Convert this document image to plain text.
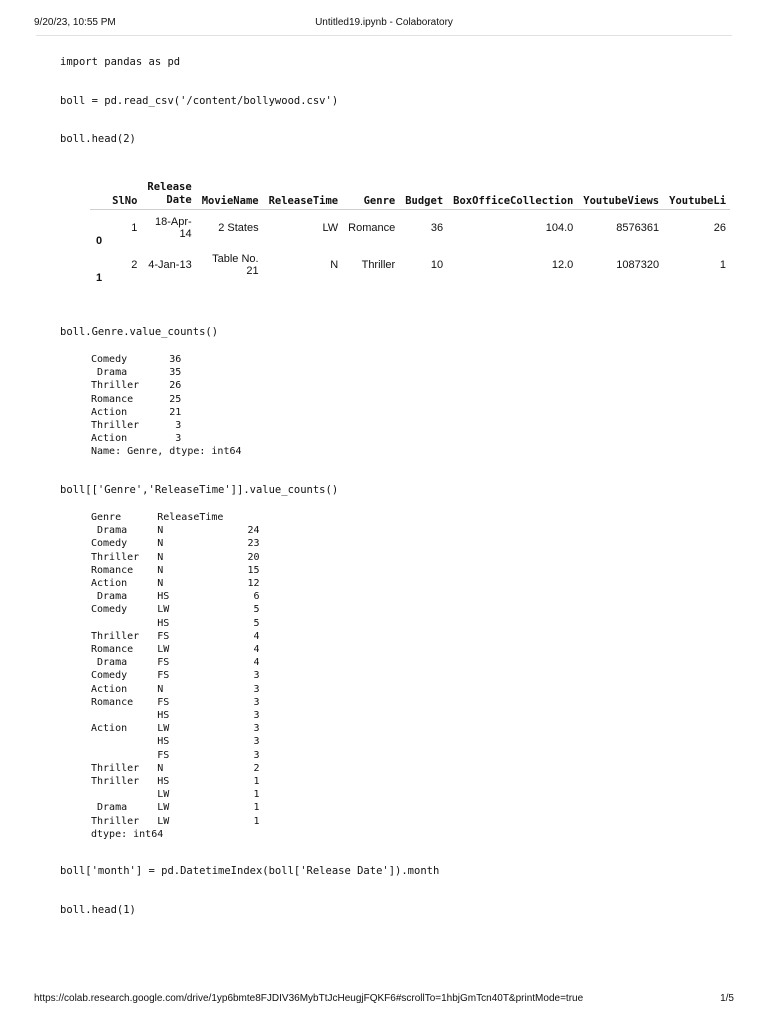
9/20/23, 10:55 PM	Untitled19.ipynb - Colaboratory
import pandas as pd
boll = pd.read_csv('/content/bollywood.csv')
boll.head(2)
	SlNo	Release Date	MovieName	ReleaseTime	Genre	Budget	BoxOfficeCollection	YoutubeViews	YoutubeLi
0	1	18-Apr-14	2 States	LW	Romance	36	104.0	8576361	26
1	2	4-Jan-13	Table No. 21	N	Thriller	10	12.0	1087320	1
boll.Genre.value_counts()
Comedy       36
Drama       35
Thriller     26
Romance      25
Action       21
Thriller      3
Action        3
Name: Genre, dtype: int64
boll[['Genre','ReleaseTime']].value_counts()
Genre      ReleaseTime
Drama     N              24
Comedy     N              23
Thriller   N              20
Romance    N              15
Action     N              12
Drama     HS              6
Comedy     LW              5
HS              5
Thriller   FS              4
Romance    LW              4
Drama     FS              4
Comedy     FS              3
Action     N               3
Romance    FS              3
HS              3
Action     LW              3
HS              3
FS              3
Thriller   N               2
Thriller   HS              1
LW              1
Drama     LW              1
Thriller   LW              1
dtype: int64
boll['month'] = pd.DatetimeIndex(boll['Release Date']).month
boll.head(1)
https://colab.research.google.com/drive/1yp6bmte8FJDIV36MybTtJcHeugjFQKF6#scrollTo=1hbjGmTcn40T&printMode=true	1/5
